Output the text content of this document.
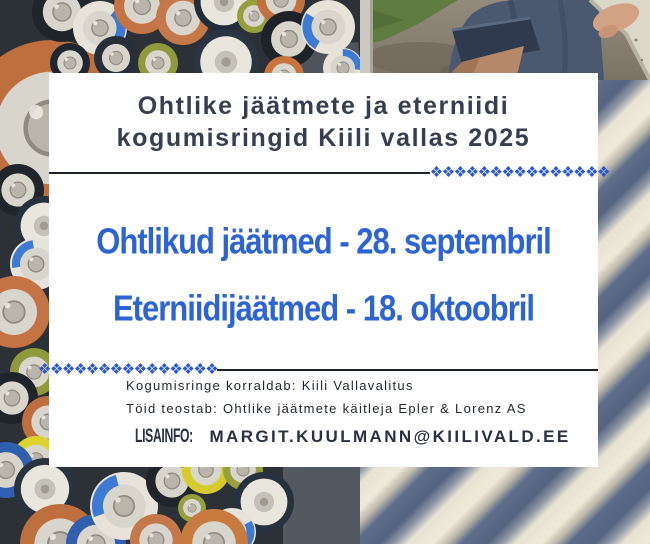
Ohtlike jäätmete ja eterniidi
kogumisringid Kiili vallas 2025
❖❖❖❖❖❖❖❖❖❖❖❖❖❖❖
Ohtlikud jäätmed - 28. septembril
Eterniidijäätmed - 18. oktoobril
❖❖❖❖❖❖❖❖❖❖❖❖❖❖❖
Kogumisringe korraldab: Kiili Vallavalitus
Töid teostab: Ohtlike jäätmete käitleja Epler & Lorenz AS
LISAINFO: MARGIT.KUULMANN@KIILIVALD.EE
